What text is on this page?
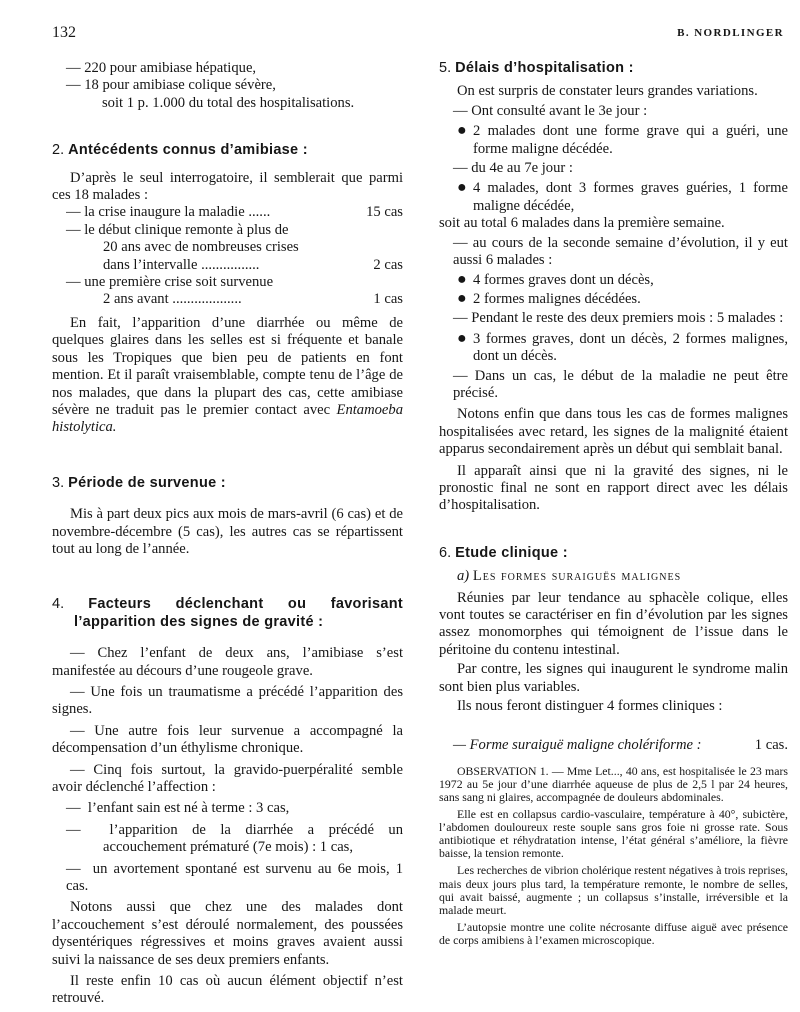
132	B. NORDLINGER

— 220 pour amibiase hépatique,

— 18 pour amibiase colique sévère,

soit 1 p. 1.000 du total des hospitalisations.

2. Antécédents connus d’amibiase :

D’après le seul interrogatoire, il semblerait que parmi ces 18 malades :

— la crise inaugure la maladie ......	15 cas
— le début clinique remonte à plus de
20 ans avec de nombreuses crises
dans l’intervalle ................	2 cas
— une première crise soit survenue
2 ans avant ...................	1 cas

En fait, l’apparition d’une diarrhée ou même de quelques glaires dans les selles est si fréquente et banale sous les Tropiques que bien peu de patients en font mention. Et il paraît vraisemblable, compte tenu de l’âge de nos malades, que dans la plupart des cas, cette amibiase sévère ne traduit pas le premier contact avec Entamoeba histolytica.

3. Période de survenue :

Mis à part deux pics aux mois de mars-avril (6 cas) et de novembre-décembre (5 cas), les autres cas se répartissent tout au long de l’année.

4. Facteurs déclenchant ou favorisant l’apparition des signes de gravité :

— Chez l’enfant de deux ans, l’amibiase s’est manifestée au décours d’une rougeole grave.

— Une fois un traumatisme a précédé l’apparition des signes.

— Une autre fois leur survenue a accompagné la décompensation d’un éthylisme chronique.

— Cinq fois surtout, la gravido-puerpéralité semble avoir déclenché l’affection :

—  l’enfant sain est né à terme : 3 cas,

—  l’apparition de la diarrhée a précédé un accouchement prématuré (7e mois) : 1 cas,

—  un avortement spontané est survenu au 6e mois, 1 cas.

Notons aussi que chez une des malades dont l’accouchement s’est déroulé normalement, des poussées dysentériques régressives et moins graves avaient aussi suivi la naissance de ses deux premiers enfants.

Il reste enfin 10 cas où aucun élément objectif n’est retrouvé.

5. Délais d’hospitalisation :

On est surpris de constater leurs grandes variations.

— Ont consulté avant le 3e jour :

● 2 malades dont une forme grave qui a guéri, une forme maligne décédée.

— du 4e au 7e jour :

● 4 malades, dont 3 formes graves guéries, 1 forme maligne décédée,

soit au total 6 malades dans la première semaine.

— au cours de la seconde semaine d’évolution, il y eut aussi 6 malades :

● 4 formes graves dont un décès,

● 2 formes malignes décédées.

— Pendant le reste des deux premiers mois : 5 malades :

● 3 formes graves, dont un décès, 2 formes malignes, dont un décès.

— Dans un cas, le début de la maladie ne peut être précisé.

Notons enfin que dans tous les cas de formes malignes hospitalisées avec retard, les signes de la malignité étaient apparus secondairement après un début qui semblait banal.

Il apparaît ainsi que ni la gravité des signes, ni le pronostic final ne sont en rapport direct avec les délais d’hospitalisation.

6. Etude clinique :

a) Les formes suraiguës malignes

Réunies par leur tendance au sphacèle colique, elles vont toutes se caractériser en fin d’évolution par les signes assez monomorphes qui témoignent de l’issue dans le péritoine du contenu intestinal.

Par contre, les signes qui inaugurent le syndrome malin sont bien plus variables.

Ils nous feront distinguer 4 formes cliniques :

— Forme suraiguë maligne cholériforme :	1 cas.

OBSERVATION 1. — Mme Let..., 40 ans, est hospitalisée le 23 mars 1972 au 5e jour d’une diarrhée aqueuse de plus de 2,5 l par 24 heures, sans sang ni glaires, accompagnée de douleurs abdominales.

Elle est en collapsus cardio-vasculaire, température à 40°, subictère, l’abdomen douloureux reste souple sans gros foie ni grosse rate. Sous antibiotique et réhydratation intense, l’état général s’améliore, la fièvre baisse, la tension remonte.

Les recherches de vibrion cholérique restent négatives à trois reprises, mais deux jours plus tard, la température remonte, le nombre de selles, qui avait baissé, augmente ; un collapsus s’installe, irréversible et la malade meurt.

L’autopsie montre une colite nécrosante diffuse aiguë avec présence de corps amibiens à l’examen microscopique.
